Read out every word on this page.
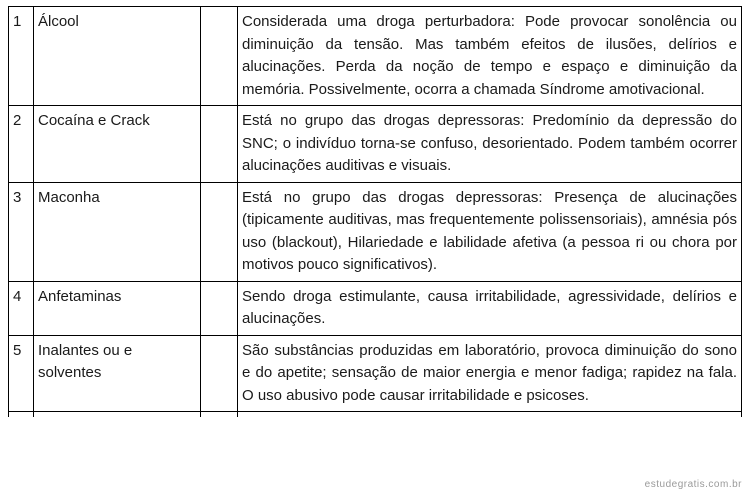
1	Álcool		Considerada uma droga perturbadora: Pode provocar sonolência ou diminuição da tensão. Mas também efeitos de ilusões, delírios e alucinações. Perda da noção de tempo e espaço e diminuição da memória. Possivelmente, ocorra a chamada Síndrome amotivacional.
2	Cocaína e Crack		Está no grupo das drogas depressoras: Predomínio da depressão do SNC; o indivíduo torna-se confuso, desorientado. Podem também ocorrer alucinações auditivas e visuais.
3	Maconha		Está no grupo das drogas depressoras: Presença de alucinações (tipicamente auditivas, mas frequentemente polissensoriais), amnésia pós uso (blackout), Hilariedade e labilidade afetiva (a pessoa ri ou chora por motivos pouco significativos).
4	Anfetaminas		Sendo droga estimulante, causa irritabilidade, agressividade, delírios e alucinações.
5	Inalantes ou e solventes		São substâncias produzidas em laboratório, provoca diminuição do sono e do apetite; sensação de maior energia e menor fadiga; rapidez na fala. O uso abusivo pode causar irritabilidade e psicoses.

estudegratis.com.br
